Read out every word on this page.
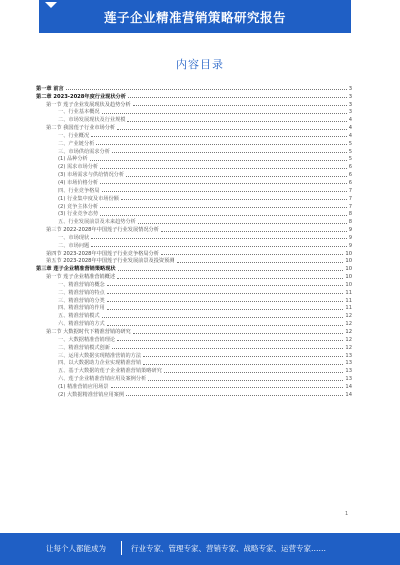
莲子企业精准营销策略研究报告
内容目录
第一章 前言	3
第二章 2023-2028年度行业现状分析	3
第一节 莲子企业发展现状及趋势分析	3
一、行业基本概况	3
二、市场发展现状及行业规模	4
第二节 我国莲子行业市场分析	4
一、行业概况	4
二、产业链分析	5
三、市场供给需求分析	5
(1) 品种分析	5
(2) 需求市场分析	6
(3) 市场需求与供给情况分析	6
(4) 市场价格分析	6
四、行业竞争格局	7
(1) 行业集中度及市场份额	7
(2) 竞争主体分析	7
(3) 行业竞争态势	8
五、行业发展前景及未来趋势分析	8
第三节 2022-2028年中国莲子行业发展情况分析	9
一、市场现状	9
二、市场问题	9
第四节 2023-2028年中国莲子行业竞争格局分析	10
第五节 2023-2028年中国莲子行业发展前景及投资预测	10
第三章 莲子企业精准营销策略现状	10
第一节 莲子企业精准营销概述	10
一、精准营销的概念	10
二、精准营销的特点	11
三、精准营销的分类	11
四、精准营销的作用	11
五、精准营销模式	12
六、精准营销的方式	12
第二节 大数据时代下精准营销的研究	12
一、大数据精准营销理论	12
二、精准营销模式创新	12
三、运用大数据实现精准营销的方法	13
四、以大数据助力企业实现精准营销	13
五、基于大数据的莲子企业精准营销策略研究	13
六、莲子企业精准营销应用及案例分析	13
(1) 精准营销应用场景	14
(2) 大数据精准营销应用案例	14
1
让每个人都能成为	行业专家、管理专家、营销专家、战略专家、运营专家……
